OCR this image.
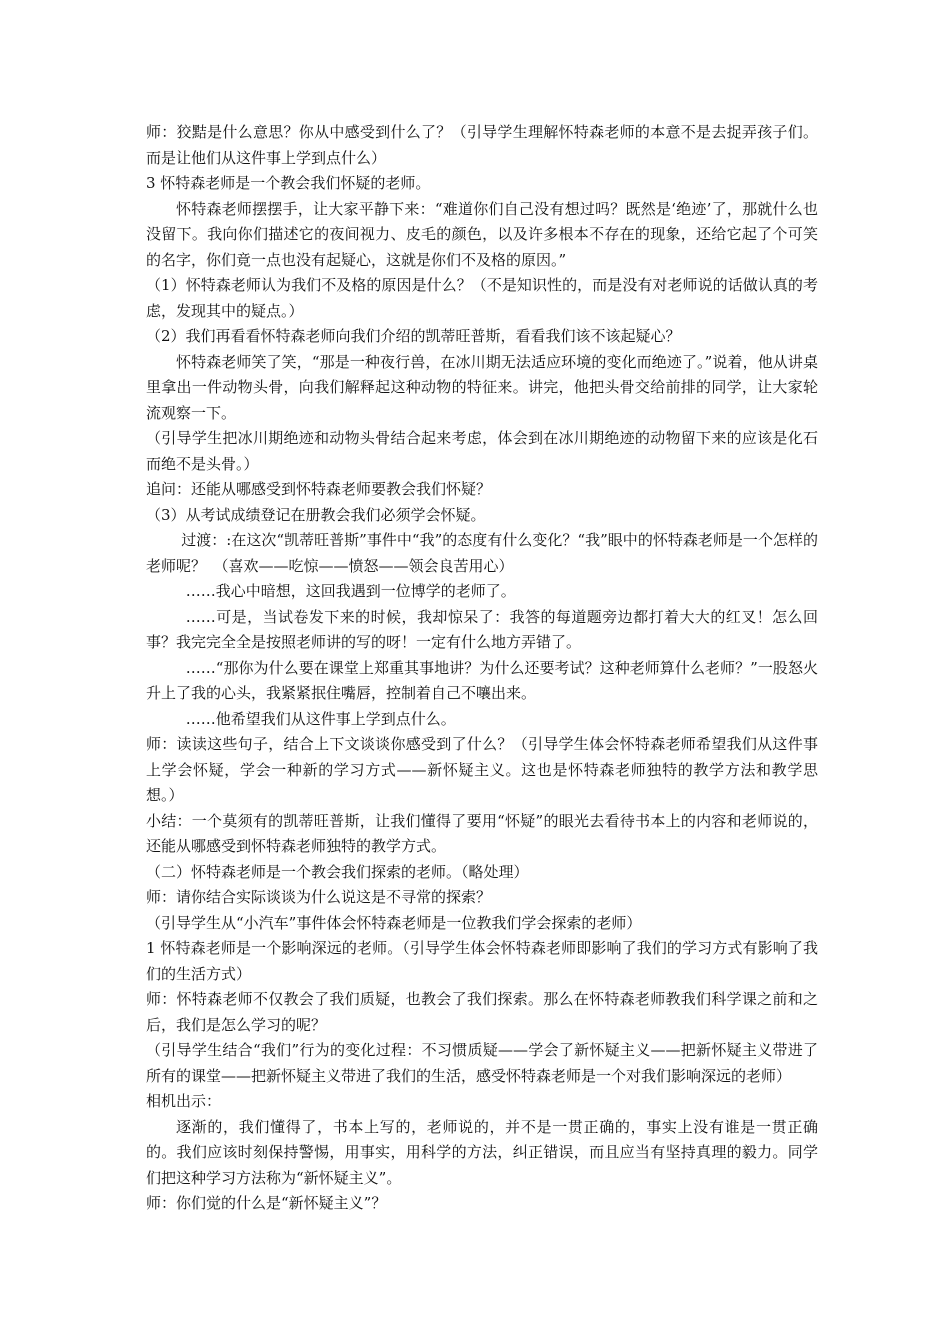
师：狡黠是什么意思？你从中感受到什么了？（引导学生理解怀特森老师的本意不是去捉弄孩子们。而是让他们从这件事上学到点什么）

3 怀特森老师是一个教会我们怀疑的老师。

怀特森老师摆摆手，让大家平静下来：“难道你们自己没有想过吗？既然是‘绝迹’了，那就什么也没留下。我向你们描述它的夜间视力、皮毛的颜色，以及许多根本不存在的现象，还给它起了个可笑的名字，你们竟一点也没有起疑心，这就是你们不及格的原因。”

（1）怀特森老师认为我们不及格的原因是什么？（不是知识性的，而是没有对老师说的话做认真的考虑，发现其中的疑点。）

（2）我们再看看怀特森老师向我们介绍的凯蒂旺普斯，看看我们该不该起疑心？

怀特森老师笑了笑，“那是一种夜行兽，在冰川期无法适应环境的变化而绝迹了。”说着，他从讲桌里拿出一件动物头骨，向我们解释起这种动物的特征来。讲完，他把头骨交给前排的同学，让大家轮流观察一下。

（引导学生把冰川期绝迹和动物头骨结合起来考虑，体会到在冰川期绝迹的动物留下来的应该是化石而绝不是头骨。）

追问：还能从哪感受到怀特森老师要教会我们怀疑？

（3）从考试成绩登记在册教会我们必须学会怀疑。

过渡：:在这次“凯蒂旺普斯”事件中“我”的态度有什么变化？“我”眼中的怀特森老师是一个怎样的老师呢？　（喜欢——吃惊——愤怒——领会良苦用心）

……我心中暗想，这回我遇到一位博学的老师了。

……可是，当试卷发下来的时候，我却惊呆了：我答的每道题旁边都打着大大的红叉！怎么回事？我完完全全是按照老师讲的写的呀！一定有什么地方弄错了。

……“那你为什么要在课堂上郑重其事地讲？为什么还要考试？这种老师算什么老师？”一股怒火升上了我的心头，我紧紧抿住嘴唇，控制着自己不嚷出来。

……他希望我们从这件事上学到点什么。

师：读读这些句子，结合上下文谈谈你感受到了什么？（引导学生体会怀特森老师希望我们从这件事上学会怀疑，学会一种新的学习方式——新怀疑主义。这也是怀特森老师独特的教学方法和教学思想。）

小结：一个莫须有的凯蒂旺普斯，让我们懂得了要用“怀疑”的眼光去看待书本上的内容和老师说的，还能从哪感受到怀特森老师独特的教学方式。

（二）怀特森老师是一个教会我们探索的老师。（略处理）

师：请你结合实际谈谈为什么说这是不寻常的探索？

（引导学生从“小汽车”事件体会怀特森老师是一位教我们学会探索的老师）

1 怀特森老师是一个影响深远的老师。（引导学生体会怀特森老师即影响了我们的学习方式有影响了我们的生活方式）

师：怀特森老师不仅教会了我们质疑，也教会了我们探索。那么在怀特森老师教我们科学课之前和之后，我们是怎么学习的呢？

（引导学生结合“我们”行为的变化过程：不习惯质疑——学会了新怀疑主义——把新怀疑主义带进了所有的课堂——把新怀疑主义带进了我们的生活，感受怀特森老师是一个对我们影响深远的老师）

相机出示：

逐渐的，我们懂得了，书本上写的，老师说的，并不是一贯正确的，事实上没有谁是一贯正确的。我们应该时刻保持警惕，用事实，用科学的方法，纠正错误，而且应当有坚持真理的毅力。同学们把这种学习方法称为“新怀疑主义”。

师：你们觉的什么是“新怀疑主义”？
